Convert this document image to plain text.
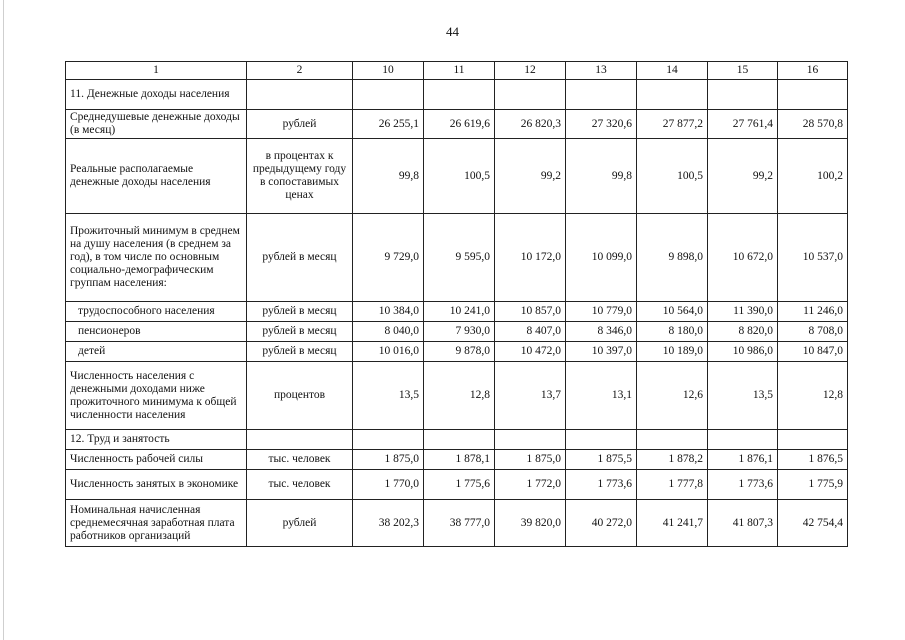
44
1	2	10	11	12	13	14	15	16
11. Денежные доходы населения								
Среднедушевые денежные доходы (в месяц)	рублей	26 255,1	26 619,6	26 820,3	27 320,6	27 877,2	27 761,4	28 570,8
Реальные располагаемые денежные доходы населения	в процентах к предыдущему году в сопоставимых ценах	99,8	100,5	99,2	99,8	100,5	99,2	100,2
Прожиточный минимум в среднем на душу населения (в среднем за год), в том числе по основным социально-демографическим группам населения:	рублей в месяц	9 729,0	9 595,0	10 172,0	10 099,0	9 898,0	10 672,0	10 537,0
трудоспособного населения	рублей в месяц	10 384,0	10 241,0	10 857,0	10 779,0	10 564,0	11 390,0	11 246,0
пенсионеров	рублей в месяц	8 040,0	7 930,0	8 407,0	8 346,0	8 180,0	8 820,0	8 708,0
детей	рублей в месяц	10 016,0	9 878,0	10 472,0	10 397,0	10 189,0	10 986,0	10 847,0
Численность населения с денежными доходами ниже прожиточного минимума к общей численности населения	процентов	13,5	12,8	13,7	13,1	12,6	13,5	12,8
12. Труд и занятость								
Численность рабочей силы	тыс. человек	1 875,0	1 878,1	1 875,0	1 875,5	1 878,2	1 876,1	1 876,5
Численность занятых в экономике	тыс. человек	1 770,0	1 775,6	1 772,0	1 773,6	1 777,8	1 773,6	1 775,9
Номинальная начисленная среднемесячная заработная плата работников организаций	рублей	38 202,3	38 777,0	39 820,0	40 272,0	41 241,7	41 807,3	42 754,4
